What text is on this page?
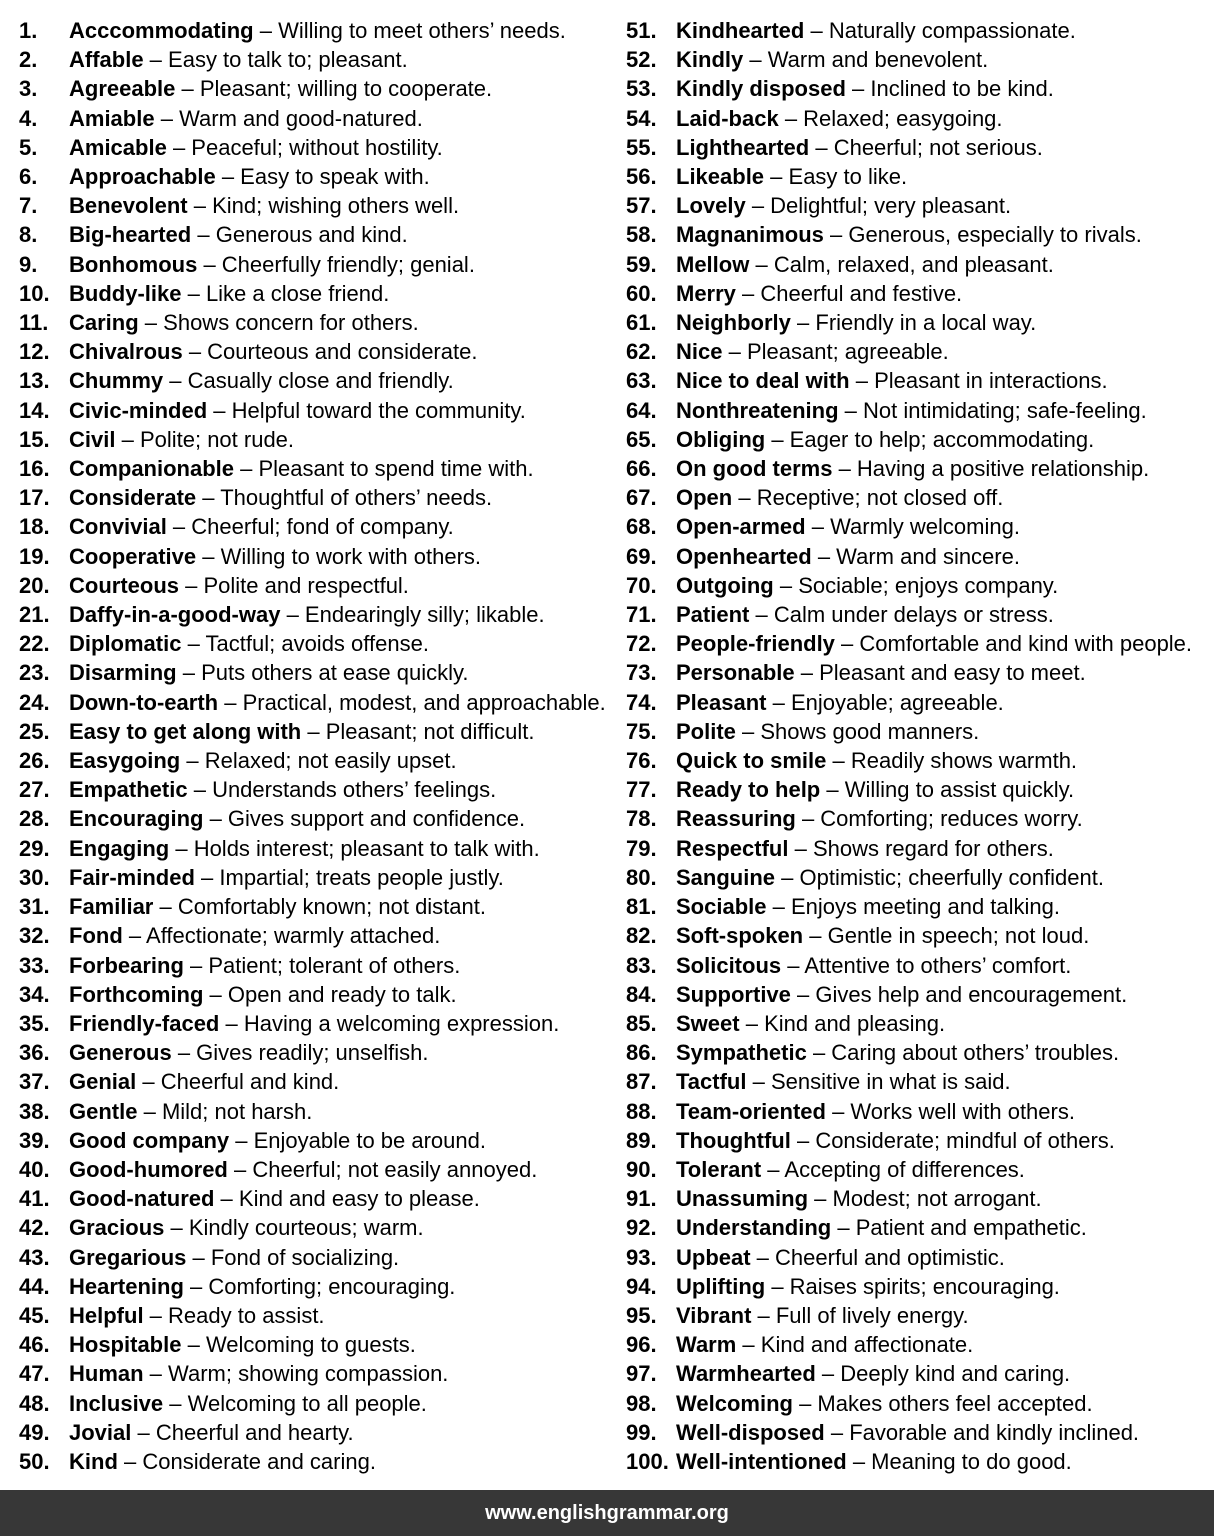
1. Acccommodating – Willing to meet others’ needs.
2. Affable – Easy to talk to; pleasant.
3. Agreeable – Pleasant; willing to cooperate.
4. Amiable – Warm and good-natured.
5. Amicable – Peaceful; without hostility.
6. Approachable – Easy to speak with.
7. Benevolent – Kind; wishing others well.
8. Big-hearted – Generous and kind.
9. Bonhomous – Cheerfully friendly; genial.
10. Buddy-like – Like a close friend.
11. Caring – Shows concern for others.
12. Chivalrous – Courteous and considerate.
13. Chummy – Casually close and friendly.
14. Civic-minded – Helpful toward the community.
15. Civil – Polite; not rude.
16. Companionable – Pleasant to spend time with.
17. Considerate – Thoughtful of others’ needs.
18. Convivial – Cheerful; fond of company.
19. Cooperative – Willing to work with others.
20. Courteous – Polite and respectful.
21. Daffy-in-a-good-way – Endearingly silly; likable.
22. Diplomatic – Tactful; avoids offense.
23. Disarming – Puts others at ease quickly.
24. Down-to-earth – Practical, modest, and approachable.
25. Easy to get along with – Pleasant; not difficult.
26. Easygoing – Relaxed; not easily upset.
27. Empathetic – Understands others’ feelings.
28. Encouraging – Gives support and confidence.
29. Engaging – Holds interest; pleasant to talk with.
30. Fair-minded – Impartial; treats people justly.
31. Familiar – Comfortably known; not distant.
32. Fond – Affectionate; warmly attached.
33. Forbearing – Patient; tolerant of others.
34. Forthcoming – Open and ready to talk.
35. Friendly-faced – Having a welcoming expression.
36. Generous – Gives readily; unselfish.
37. Genial – Cheerful and kind.
38. Gentle – Mild; not harsh.
39. Good company – Enjoyable to be around.
40. Good-humored – Cheerful; not easily annoyed.
41. Good-natured – Kind and easy to please.
42. Gracious – Kindly courteous; warm.
43. Gregarious – Fond of socializing.
44. Heartening – Comforting; encouraging.
45. Helpful – Ready to assist.
46. Hospitable – Welcoming to guests.
47. Human – Warm; showing compassion.
48. Inclusive – Welcoming to all people.
49. Jovial – Cheerful and hearty.
50. Kind – Considerate and caring.
51. Kindhearted – Naturally compassionate.
52. Kindly – Warm and benevolent.
53. Kindly disposed – Inclined to be kind.
54. Laid-back – Relaxed; easygoing.
55. Lighthearted – Cheerful; not serious.
56. Likeable – Easy to like.
57. Lovely – Delightful; very pleasant.
58. Magnanimous – Generous, especially to rivals.
59. Mellow – Calm, relaxed, and pleasant.
60. Merry – Cheerful and festive.
61. Neighborly – Friendly in a local way.
62. Nice – Pleasant; agreeable.
63. Nice to deal with – Pleasant in interactions.
64. Nonthreatening – Not intimidating; safe-feeling.
65. Obliging – Eager to help; accommodating.
66. On good terms – Having a positive relationship.
67. Open – Receptive; not closed off.
68. Open-armed – Warmly welcoming.
69. Openhearted – Warm and sincere.
70. Outgoing – Sociable; enjoys company.
71. Patient – Calm under delays or stress.
72. People-friendly – Comfortable and kind with people.
73. Personable – Pleasant and easy to meet.
74. Pleasant – Enjoyable; agreeable.
75. Polite – Shows good manners.
76. Quick to smile – Readily shows warmth.
77. Ready to help – Willing to assist quickly.
78. Reassuring – Comforting; reduces worry.
79. Respectful – Shows regard for others.
80. Sanguine – Optimistic; cheerfully confident.
81. Sociable – Enjoys meeting and talking.
82. Soft-spoken – Gentle in speech; not loud.
83. Solicitous – Attentive to others’ comfort.
84. Supportive – Gives help and encouragement.
85. Sweet – Kind and pleasing.
86. Sympathetic – Caring about others’ troubles.
87. Tactful – Sensitive in what is said.
88. Team-oriented – Works well with others.
89. Thoughtful – Considerate; mindful of others.
90. Tolerant – Accepting of differences.
91. Unassuming – Modest; not arrogant.
92. Understanding – Patient and empathetic.
93. Upbeat – Cheerful and optimistic.
94. Uplifting – Raises spirits; encouraging.
95. Vibrant – Full of lively energy.
96. Warm – Kind and affectionate.
97. Warmhearted – Deeply kind and caring.
98. Welcoming – Makes others feel accepted.
99. Well-disposed – Favorable and kindly inclined.
100. Well-intentioned – Meaning to do good.
www.englishgrammar.org
